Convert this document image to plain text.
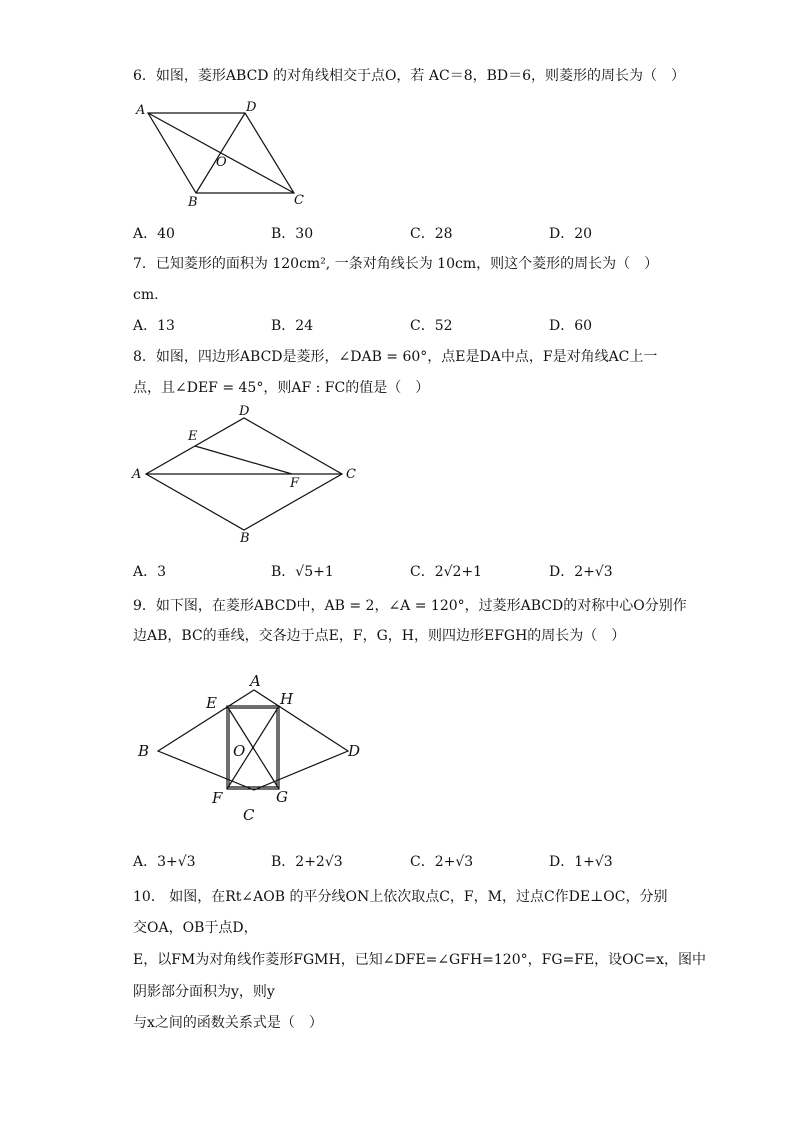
6．如图，菱形ABCD 的对角线相交于点O，若 AC＝8，BD＝6，则菱形的周长为（　）
A	D
O
B	C
A．40	B．30	C．28	D．20
7．已知菱形的面积为 120cm², 一条对角线长为 10cm，则这个菱形的周长为（　）
cm.
A．13	B．24	C．52	D．60
8．如图，四边形ABCD是菱形，∠DAB = 60°，点E是DA中点，F是对角线AC上一
点，且∠DEF = 45°，则AF : FC的值是（　）
A
D
E
F
C
B
A．3	B．√5+1	C．2√2+1	D．2+√3
9．如下图，在菱形ABCD中，AB = 2，∠A = 120°，过菱形ABCD的对称中心O分别作
边AB，BC的垂线，交各边于点E，F，G，H，则四边形EFGH的周长为（　）
A
E	H
B	O	D
F	G
C
A．3+√3	B．2+2√3	C．2+√3	D．1+√3
10． 如图，在Rt∠AOB 的平分线ON上依次取点C，F，M，过点C作DE⊥OC，分别
交OA，OB于点D，
E，以FM为对角线作菱形FGMH，已知∠DFE=∠GFH=120°，FG=FE，设OC=x，图中
阴影部分面积为y，则y
与x之间的函数关系式是（　）
